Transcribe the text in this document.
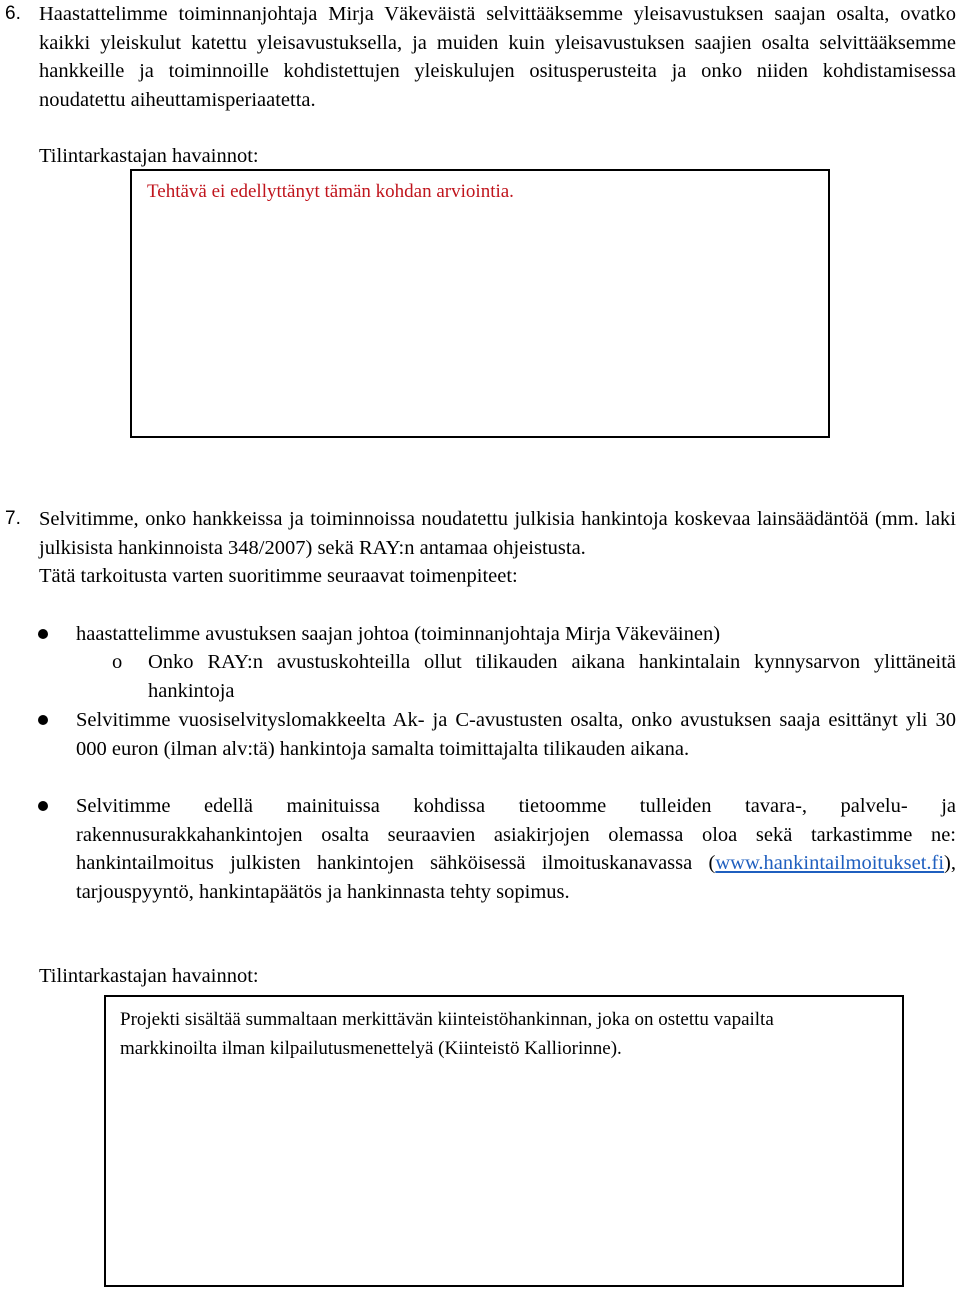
6. Haastattelimme toiminnanjohtaja Mirja Väkeväistä selvittääksemme yleisavustuksen saajan osalta, ovatko kaikki yleiskulut katettu yleisavustuksella, ja muiden kuin yleisavustuksen saajien osalta selvittääksemme hankkeille ja toiminnoille kohdistettujen yleiskulujen ositusperusteita ja onko niiden kohdistamisessa noudatettu aiheuttamisperiaatetta.
Tilintarkastajan havainnot:
Tehtävä ei edellyttänyt tämän kohdan arviointia.
7. Selvitimme, onko hankkeissa ja toiminnoissa noudatettu julkisia hankintoja koskevaa lainsäädäntöä (mm. laki julkisista hankinnoista 348/2007) sekä RAY:n antamaa ohjeistusta.
Tätä tarkoitusta varten suoritimme seuraavat toimenpiteet:
haastattelimme avustuksen saajan johtoa (toiminnanjohtaja Mirja Väkeväinen)
o Onko RAY:n avustuskohteilla ollut tilikauden aikana hankintalain kynnysarvon ylittäneitä hankintoja
Selvitimme vuosiselvityslomakkeelta Ak- ja C-avustusten osalta, onko avustuksen saaja esittänyt yli 30 000 euron (ilman alv:tä) hankintoja samalta toimittajalta tilikauden aikana.
Selvitimme edellä mainituissa kohdissa tietoomme tulleiden tavara-, palvelu- ja rakennusurakkahankintojen osalta seuraavien asiakirjojen olemassa oloa sekä tarkastimme ne: hankintailmoitus julkisten hankintojen sähköisessä ilmoituskanavassa (www.hankintailmoitukset.fi), tarjouspyyntö, hankintapäätös ja hankinnasta tehty sopimus.
Tilintarkastajan havainnot:
Projekti sisältää summaltaan merkittävän kiinteistöhankinnan, joka on ostettu vapailta markkinoilta ilman kilpailutusmenettelyä (Kiinteistö Kalliorinne).
